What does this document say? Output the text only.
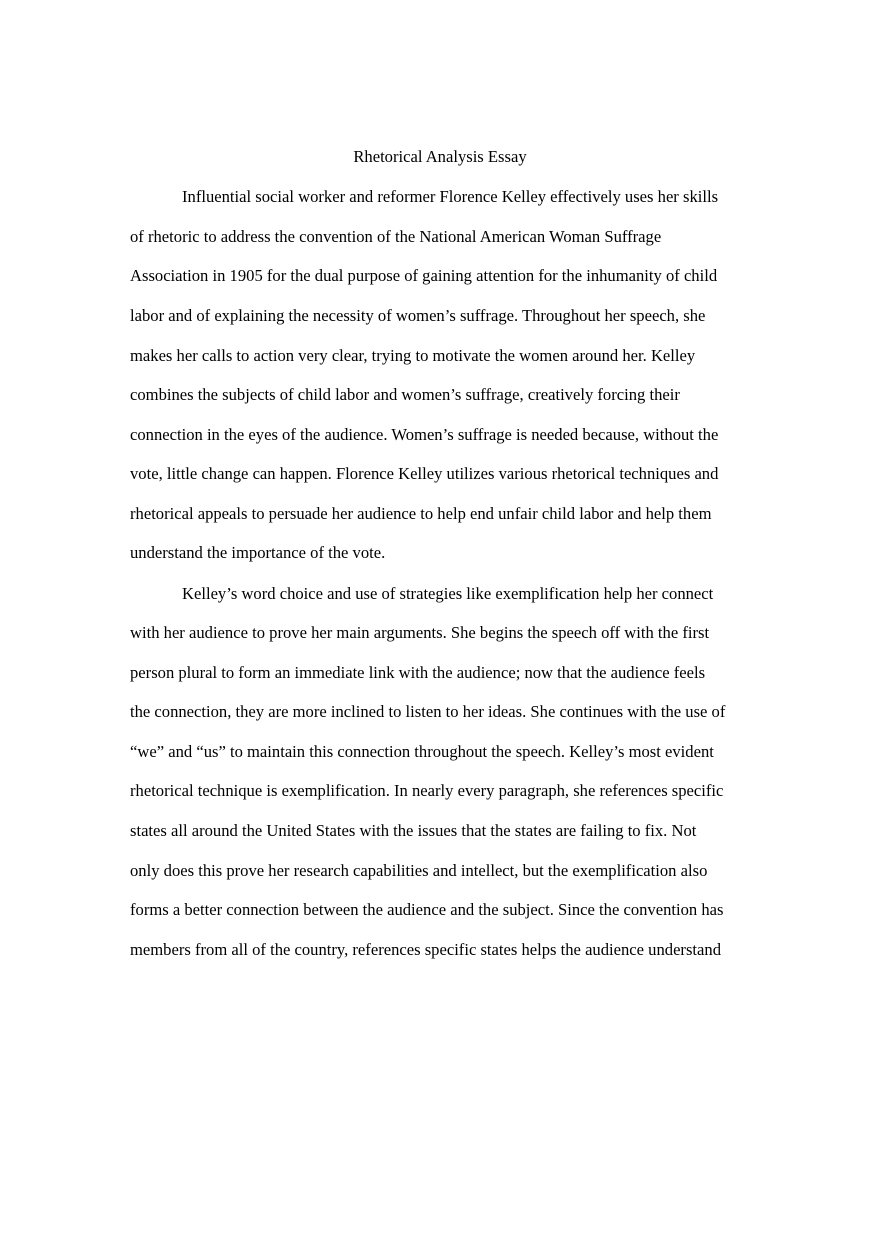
Rhetorical Analysis Essay

Influential social worker and reformer Florence Kelley effectively uses her skills

of rhetoric to address the convention of the National American Woman Suffrage

Association in 1905 for the dual purpose of gaining attention for the inhumanity of child

labor and of explaining the necessity of women’s suffrage. Throughout her speech, she

makes her calls to action very clear, trying to motivate the women around her. Kelley

combines the subjects of child labor and women’s suffrage, creatively forcing their

connection in the eyes of the audience. Women’s suffrage is needed because, without the

vote, little change can happen. Florence Kelley utilizes various rhetorical techniques and

rhetorical appeals to persuade her audience to help end unfair child labor and help them

understand the importance of the vote.

Kelley’s word choice and use of strategies like exemplification help her connect

with her audience to prove her main arguments. She begins the speech off with the first

person plural to form an immediate link with the audience; now that the audience feels

the connection, they are more inclined to listen to her ideas. She continues with the use of

“we” and “us” to maintain this connection throughout the speech. Kelley’s most evident

rhetorical technique is exemplification. In nearly every paragraph, she references specific

states all around the United States with the issues that the states are failing to fix. Not

only does this prove her research capabilities and intellect, but the exemplification also

forms a better connection between the audience and the subject. Since the convention has

members from all of the country, references specific states helps the audience understand
